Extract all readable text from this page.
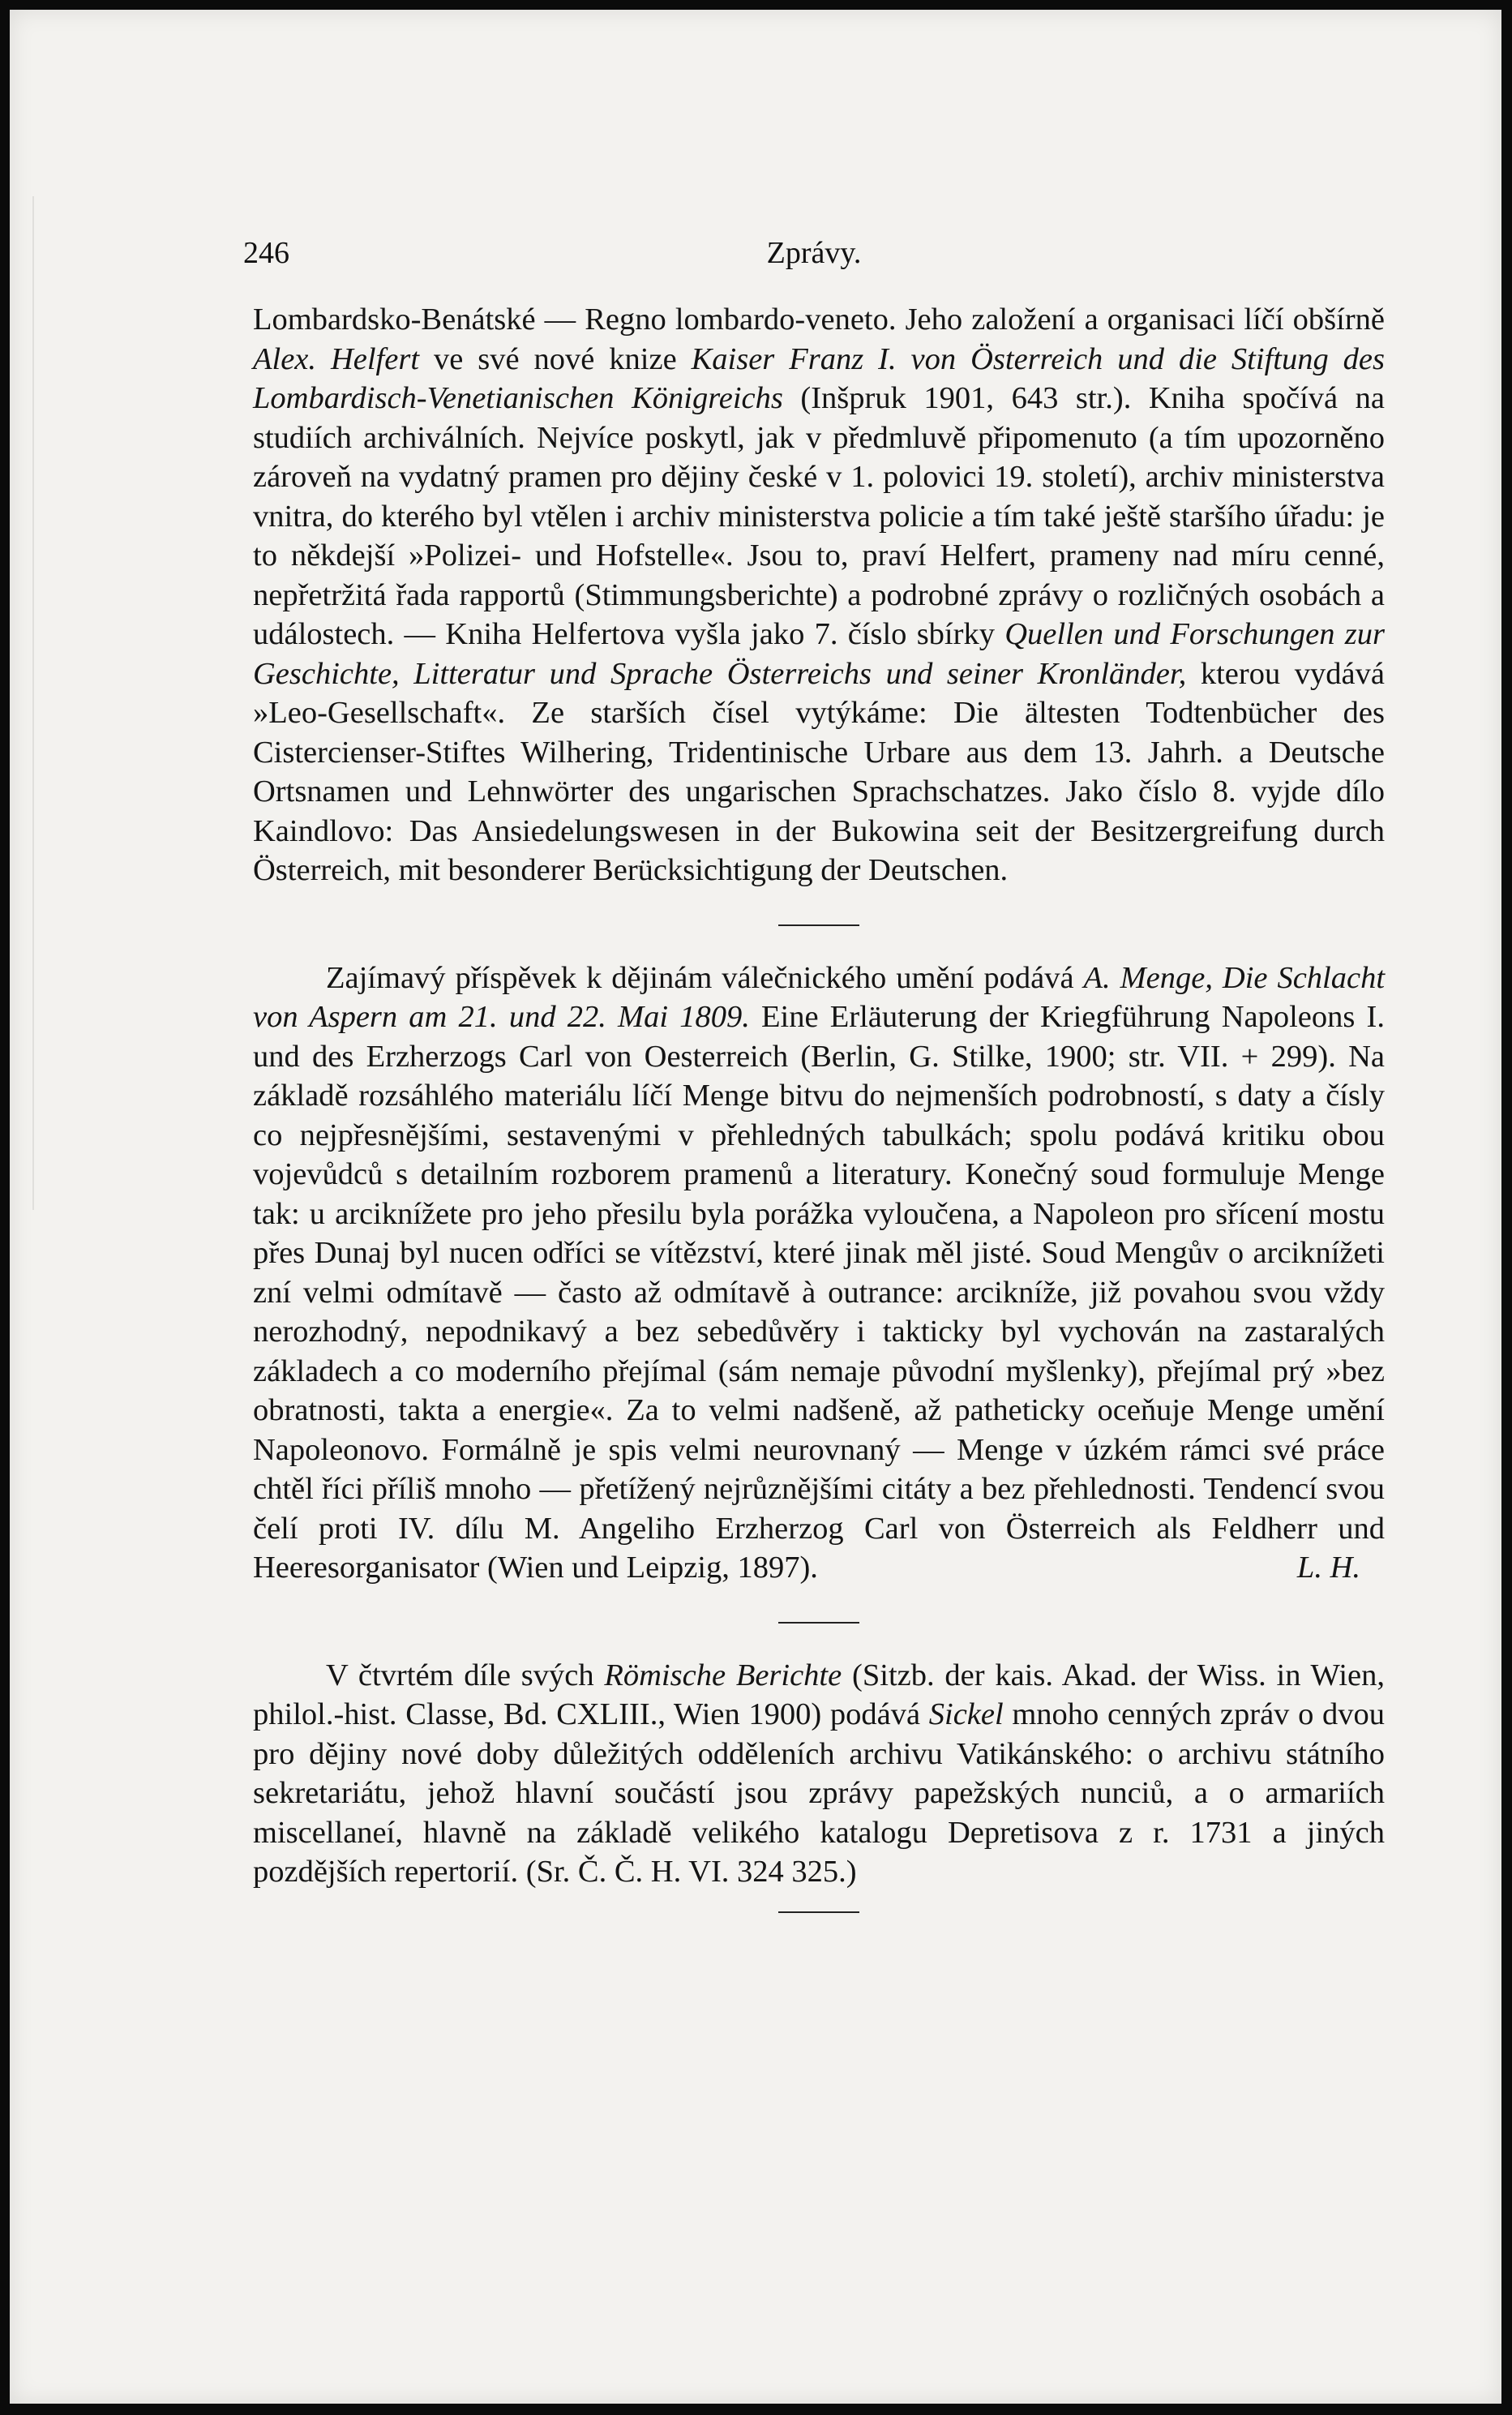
246	Zprávy.

Lombardsko-Benátské — Regno lombardo-veneto. Jeho založení a organisaci líčí obšírně Alex. Helfert ve své nové knize Kaiser Franz I. von Österreich und die Stiftung des Lombardisch-Venetianischen Königreichs (Inšpruk 1901, 643 str.). Kniha spočívá na studiích archiválních. Nejvíce poskytl, jak v předmluvě připomenuto (a tím upozorněno zároveň na vydatný pramen pro dějiny české v 1. polovici 19. století), archiv ministerstva vnitra, do kterého byl vtělen i archiv ministerstva policie a tím také ještě staršího úřadu: je to někdejší »Polizei- und Hofstelle«. Jsou to, praví Helfert, prameny nad míru cenné, nepřetržitá řada rapportů (Stimmungsberichte) a podrobné zprávy o rozličných osobách a událostech. — Kniha Helfertova vyšla jako 7. číslo sbírky Quellen und Forschungen zur Geschichte, Litteratur und Sprache Österreichs und seiner Kronländer, kterou vydává »Leo-Gesellschaft«. Ze starších čísel vytýkáme: Die ältesten Todtenbücher des Cistercienser-Stiftes Wilhering, Tridentinische Urbare aus dem 13. Jahrh. a Deutsche Ortsnamen und Lehnwörter des ungarischen Sprachschatzes. Jako číslo 8. vyjde dílo Kaindlovo: Das Ansiedelungswesen in der Bukowina seit der Besitzergreifung durch Österreich, mit besonderer Berücksichtigung der Deutschen.

Zajímavý příspěvek k dějinám válečnického umění podává A. Menge, Die Schlacht von Aspern am 21. und 22. Mai 1809. Eine Erläuterung der Kriegführung Napoleons I. und des Erzherzogs Carl von Oesterreich (Berlin, G. Stilke, 1900; str. VII. + 299). Na základě rozsáhlého materiálu líčí Menge bitvu do nejmenších podrobností, s daty a čísly co nejpřesnějšími, sestavenými v přehledných tabulkách; spolu podává kritiku obou vojevůdců s detailním rozborem pramenů a literatury. Konečný soud formuluje Menge tak: u arciknížete pro jeho přesilu byla porážka vyloučena, a Napoleon pro sřícení mostu přes Dunaj byl nucen odříci se vítězství, které jinak měl jisté. Soud Mengův o arciknížeti zní velmi odmítavě — často až odmítavě à outrance: arcikníže, již povahou svou vždy nerozhodný, nepodnikavý a bez sebedůvěry i takticky byl vychován na zastaralých základech a co moderního přejímal (sám nemaje původní myšlenky), přejímal prý »bez obratnosti, takta a energie«. Za to velmi nadšeně, až patheticky oceňuje Menge umění Napoleonovo. Formálně je spis velmi neurovnaný — Menge v úzkém rámci své práce chtěl říci příliš mnoho — přetížený nejrůznějšími citáty a bez přehlednosti. Tendencí svou čelí proti IV. dílu M. Angeliho Erzherzog Carl von Österreich als Feldherr und Heeresorganisator (Wien und Leipzig, 1897).	L. H.

V čtvrtém díle svých Römische Berichte (Sitzb. der kais. Akad. der Wiss. in Wien, philol.-hist. Classe, Bd. CXLIII., Wien 1900) podává Sickel mnoho cenných zpráv o dvou pro dějiny nové doby důležitých odděleních archivu Vatikánského: o archivu státního sekretariátu, jehož hlavní součástí jsou zprávy papežských nunciů, a o armariích miscellaneí, hlavně na základě velikého katalogu Depretisova z r. 1731 a jiných pozdějších repertorií. (Sr. Č. Č. H. VI. 324 325.)
